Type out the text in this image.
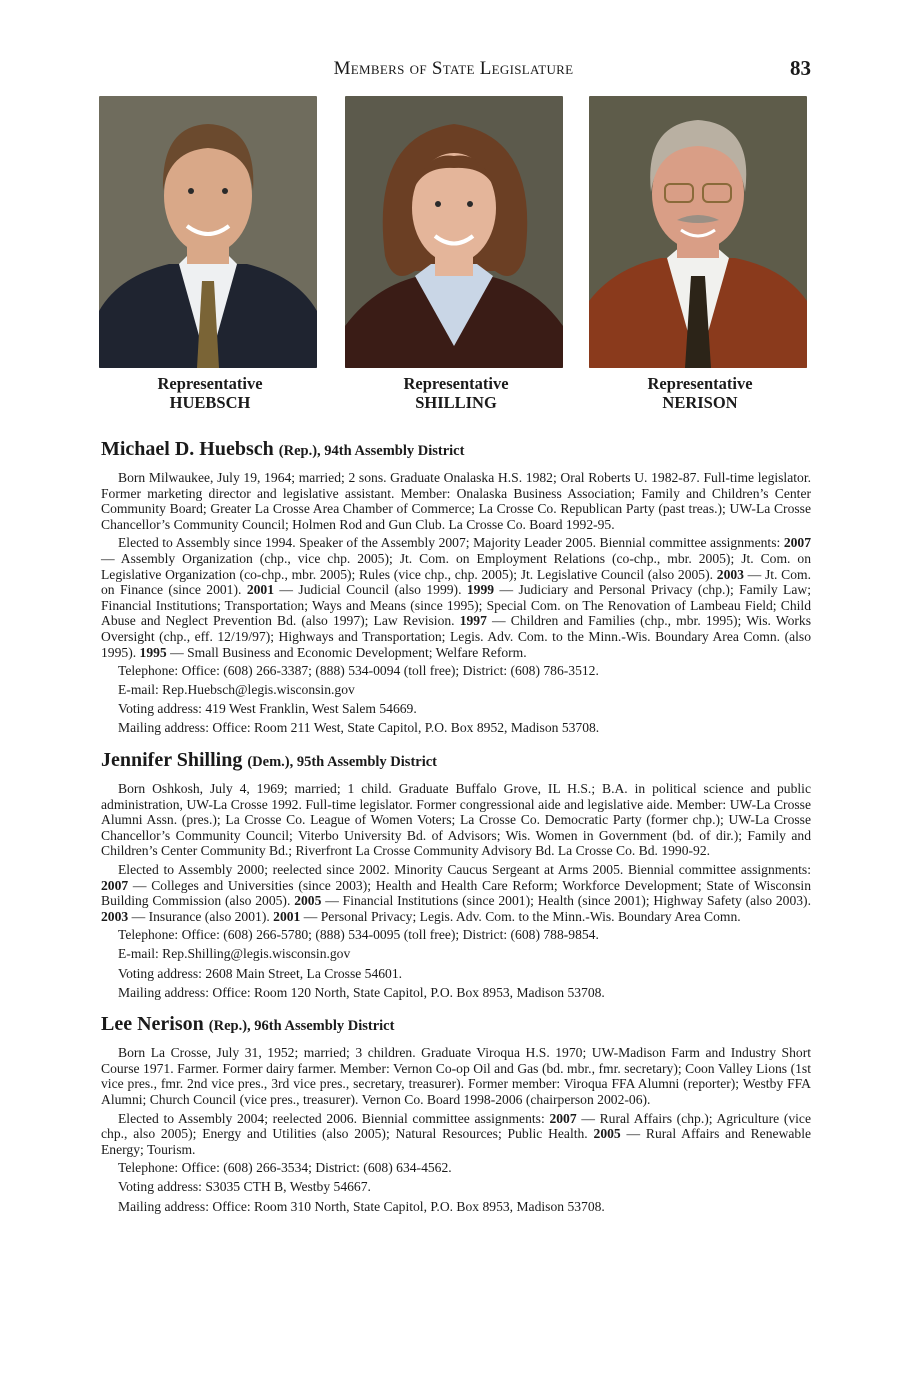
Members of State Legislature	83
Representative
HUEBSCH
Representative
SHILLING
Representative
NERISON
Michael D. Huebsch (Rep.), 94th Assembly District

Born Milwaukee, July 19, 1964; married; 2 sons. Graduate Onalaska H.S. 1982; Oral Roberts U. 1982-87. Full-time legislator. Former marketing director and legislative assistant. Member: Onalaska Business Association; Family and Children’s Center Community Board; Greater La Crosse Area Chamber of Commerce; La Crosse Co. Republican Party (past treas.); UW-La Crosse Chancellor’s Community Council; Holmen Rod and Gun Club. La Crosse Co. Board 1992-95.

Elected to Assembly since 1994. Speaker of the Assembly 2007; Majority Leader 2005. Biennial committee assignments: 2007 — Assembly Organization (chp., vice chp. 2005); Jt. Com. on Employment Relations (co-chp., mbr. 2005); Jt. Com. on Legislative Organization (co-chp., mbr. 2005); Rules (vice chp., chp. 2005); Jt. Legislative Council (also 2005). 2003 — Jt. Com. on Finance (since 2001). 2001 — Judicial Council (also 1999). 1999 — Judiciary and Personal Privacy (chp.); Family Law; Financial Institutions; Transportation; Ways and Means (since 1995); Special Com. on The Renovation of Lambeau Field; Child Abuse and Neglect Prevention Bd. (also 1997); Law Revision. 1997 — Children and Families (chp., mbr. 1995); Wis. Works Oversight (chp., eff. 12/19/97); Highways and Transportation; Legis. Adv. Com. to the Minn.-Wis. Boundary Area Comn. (also 1995). 1995 — Small Business and Economic Development; Welfare Reform.

Telephone: Office: (608) 266-3387; (888) 534-0094 (toll free); District: (608) 786-3512.
E-mail: Rep.Huebsch@legis.wisconsin.gov
Voting address: 419 West Franklin, West Salem 54669.
Mailing address: Office: Room 211 West, State Capitol, P.O. Box 8952, Madison 53708.
Jennifer Shilling (Dem.), 95th Assembly District

Born Oshkosh, July 4, 1969; married; 1 child. Graduate Buffalo Grove, IL H.S.; B.A. in political science and public administration, UW-La Crosse 1992. Full-time legislator. Former congressional aide and legislative aide. Member: UW-La Crosse Alumni Assn. (pres.); La Crosse Co. League of Women Voters; La Crosse Co. Democratic Party (former chp.); UW-La Crosse Chancellor’s Community Council; Viterbo University Bd. of Advisors; Wis. Women in Government (bd. of dir.); Family and Children’s Center Community Bd.; Riverfront La Crosse Community Advisory Bd. La Crosse Co. Bd. 1990-92.

Elected to Assembly 2000; reelected since 2002. Minority Caucus Sergeant at Arms 2005. Biennial committee assignments: 2007 — Colleges and Universities (since 2003); Health and Health Care Reform; Workforce Development; State of Wisconsin Building Commission (also 2005). 2005 — Financial Institutions (since 2001); Health (since 2001); Highway Safety (also 2003). 2003 — Insurance (also 2001). 2001 — Personal Privacy; Legis. Adv. Com. to the Minn.-Wis. Boundary Area Comn.

Telephone: Office: (608) 266-5780; (888) 534-0095 (toll free); District: (608) 788-9854.
E-mail: Rep.Shilling@legis.wisconsin.gov
Voting address: 2608 Main Street, La Crosse 54601.
Mailing address: Office: Room 120 North, State Capitol, P.O. Box 8953, Madison 53708.
Lee Nerison (Rep.), 96th Assembly District

Born La Crosse, July 31, 1952; married; 3 children. Graduate Viroqua H.S. 1970; UW-Madison Farm and Industry Short Course 1971. Farmer. Former dairy farmer. Member: Vernon Co-op Oil and Gas (bd. mbr., fmr. secretary); Coon Valley Lions (1st vice pres., fmr. 2nd vice pres., 3rd vice pres., secretary, treasurer). Former member: Viroqua FFA Alumni (reporter); Westby FFA Alumni; Church Council (vice pres., treasurer). Vernon Co. Board 1998-2006 (chairperson 2002-06).

Elected to Assembly 2004; reelected 2006. Biennial committee assignments: 2007 — Rural Affairs (chp.); Agriculture (vice chp., also 2005); Energy and Utilities (also 2005); Natural Resources; Public Health. 2005 — Rural Affairs and Renewable Energy; Tourism.

Telephone: Office: (608) 266-3534; District: (608) 634-4562.
Voting address: S3035 CTH B, Westby 54667.
Mailing address: Office: Room 310 North, State Capitol, P.O. Box 8953, Madison 53708.
